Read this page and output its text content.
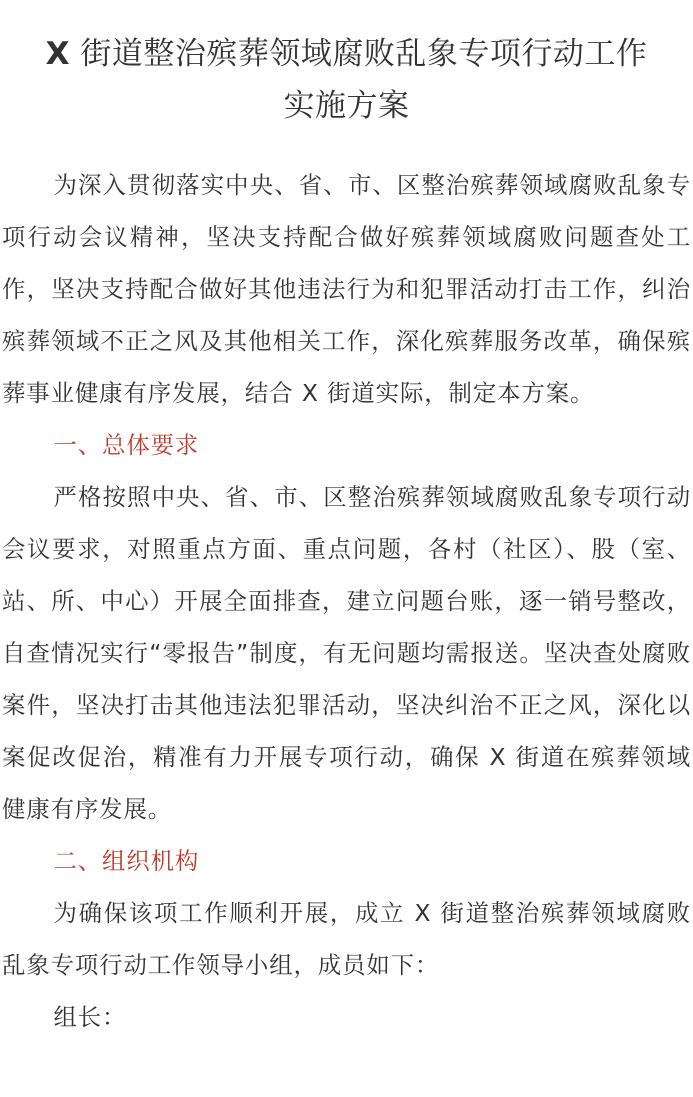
X 街道整治殡葬领域腐败乱象专项行动工作
实施方案

为深入贯彻落实中央、省、市、区整治殡葬领域腐败乱象专项行动会议精神，坚决支持配合做好殡葬领域腐败问题查处工作，坚决支持配合做好其他违法行为和犯罪活动打击工作，纠治殡葬领域不正之风及其他相关工作，深化殡葬服务改革，确保殡葬事业健康有序发展，结合 X 街道实际，制定本方案。

一、总体要求

严格按照中央、省、市、区整治殡葬领域腐败乱象专项行动会议要求，对照重点方面、重点问题，各村（社区）、股（室、站、所、中心）开展全面排查，建立问题台账，逐一销号整改，自查情况实行“零报告”制度，有无问题均需报送。坚决查处腐败案件，坚决打击其他违法犯罪活动，坚决纠治不正之风，深化以案促改促治，精准有力开展专项行动，确保 X 街道在殡葬领域健康有序发展。

二、组织机构

为确保该项工作顺利开展，成立 X 街道整治殡葬领域腐败乱象专项行动工作领导小组，成员如下：

组长：
